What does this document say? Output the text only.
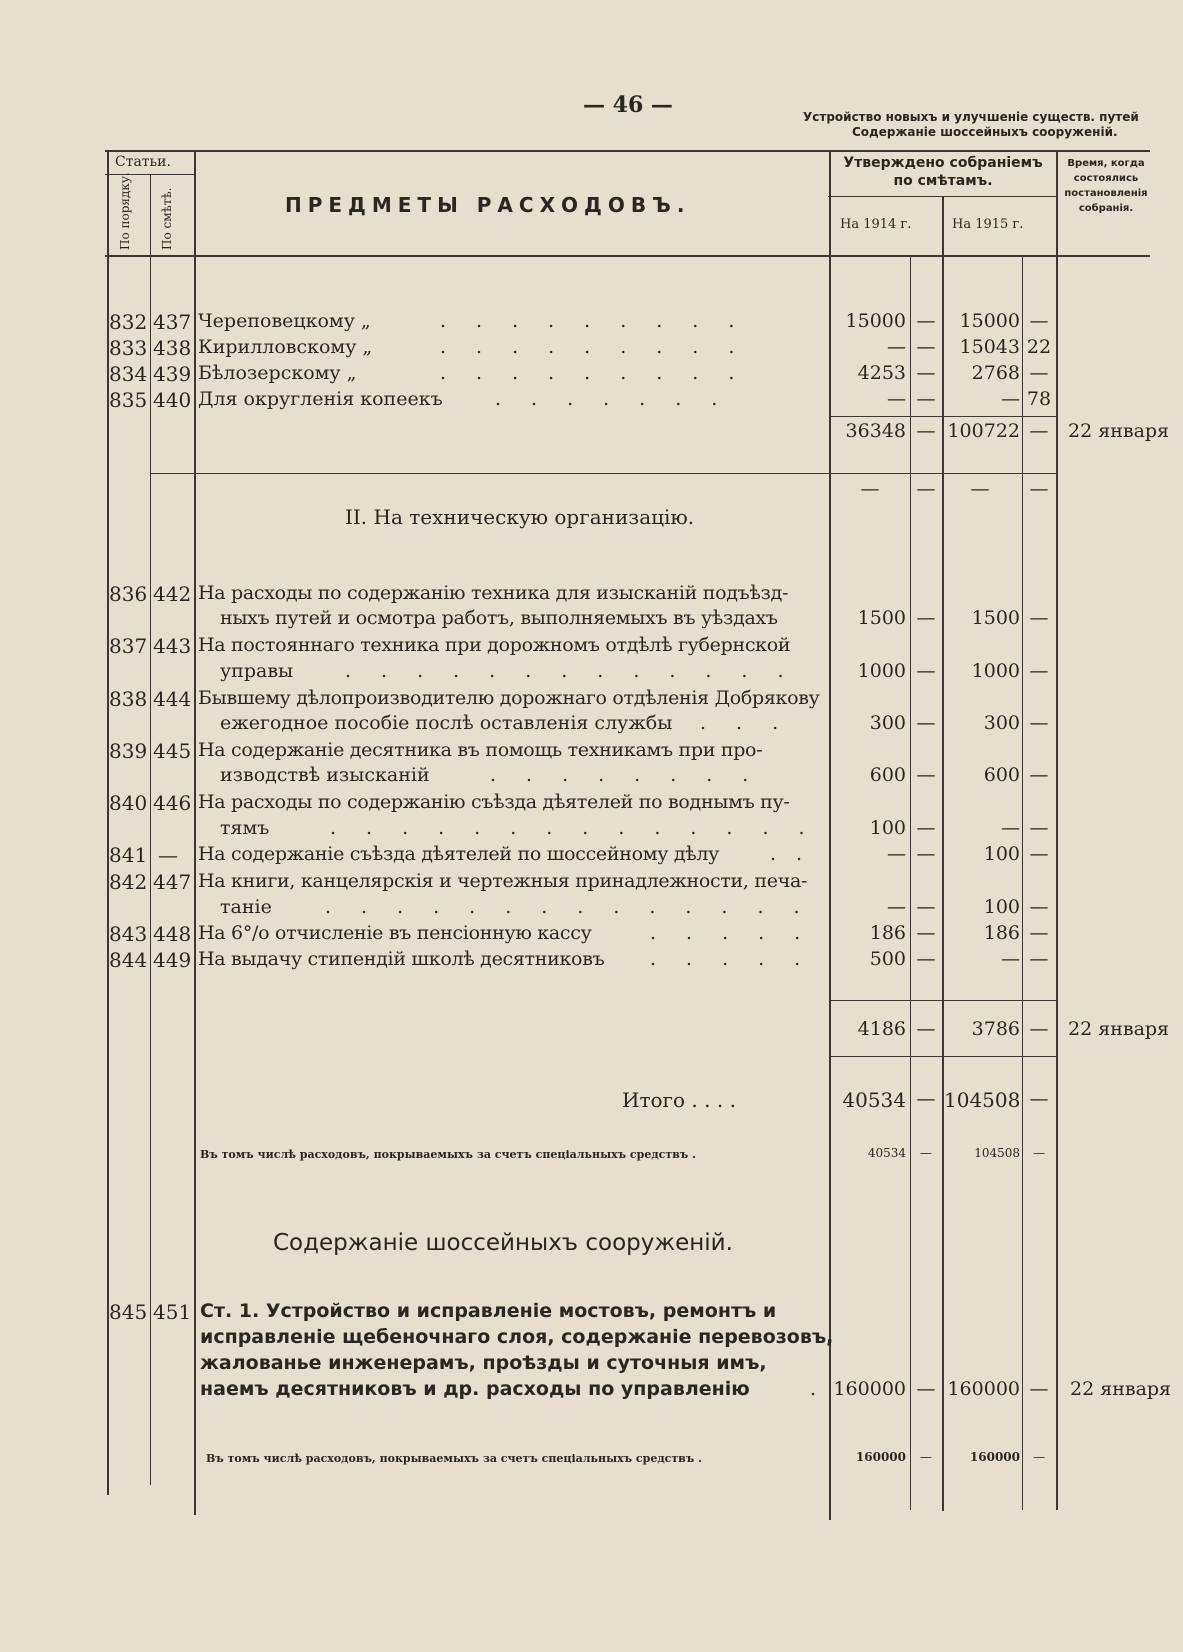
— 46 —	Устройство новыхъ и улучшеніе существ. путей
Содержаніе шоссейныхъ сооруженій.
Статьи.
По порядку. По смѣтѣ.	ПРЕДМЕТЫ РАСХОДОВЪ.
Утверждено собраніемъ по смѣтамъ.
На 1914 г.	На 1915 г.
Время, когда состоялись постановленія собранія.
832 437 Череповецкому „	.........	15000 —	15000 —
833 438 Кирилловскому „	.........	— —	15043 22
834 439 Бѣлозерскому „	.........	4253 —	2768 —
835 440 Для округленія копеекъ	.......	— —	— 78
36348 — 100722 — 22 января
II. На техническую организацію.
—	—	—	—
836 442 На расходы по содержанію техника для изысканій подъѣзд-
ныхъ путей и осмотра работъ, выполняемыхъ въ уѣздахъ	1500 —	1500 —
837 443 На постояннаго техника при дорожномъ отдѣлѣ губернской
управы	.............	1000 —	1000 —
838 444 Бывшему дѣлопроизводителю дорожнаго отдѣленія Добрякову
ежегодное пособіе послѣ оставленія службы ...	300 —	300 —
839 445 На содержаніе десятника въ помощь техникамъ при про-
изводствѣ изысканій	........	600 —	600 —
840 446 На расходы по содержанію съѣзда дѣятелей по воднымъ пу-
тямъ	..............	100 —	— —
841 — На содержаніе съѣзда дѣятелей по шоссейному дѣлу	..	— —	100 —
842 447 На книги, канцелярскія и чертежныя принадлежности, печа-
таніе	..............	— —	100 —
843 448 На 6°/о отчисленіе въ пенсіонную кассу	.....	186 —	186 —
844 449 На выдачу стипендій школѣ десятниковъ .....	500 —	— —
4186 —	3786 — 22 января
Итого . . . .	40534 — 104508 —
Въ томъ числѣ расходовъ, покрываемыхъ за счетъ спеціальныхъ средствъ .	40534	—	104508	—
Содержаніе шоссейныхъ сооруженій.
845 451 Ст. 1. Устройство и исправленіе мостовъ, ремонтъ и
исправленіе щебеночнаго слоя, содержаніе перевозовъ,
жалованье инженерамъ, проѣзды и суточныя имъ,
наемъ десятниковъ и др. расходы по управленію	. 160000 — 160000 — 22 января
Въ томъ числѣ расходовъ, покрываемыхъ за счетъ спеціальныхъ средствъ .	160000	—	160000	—
